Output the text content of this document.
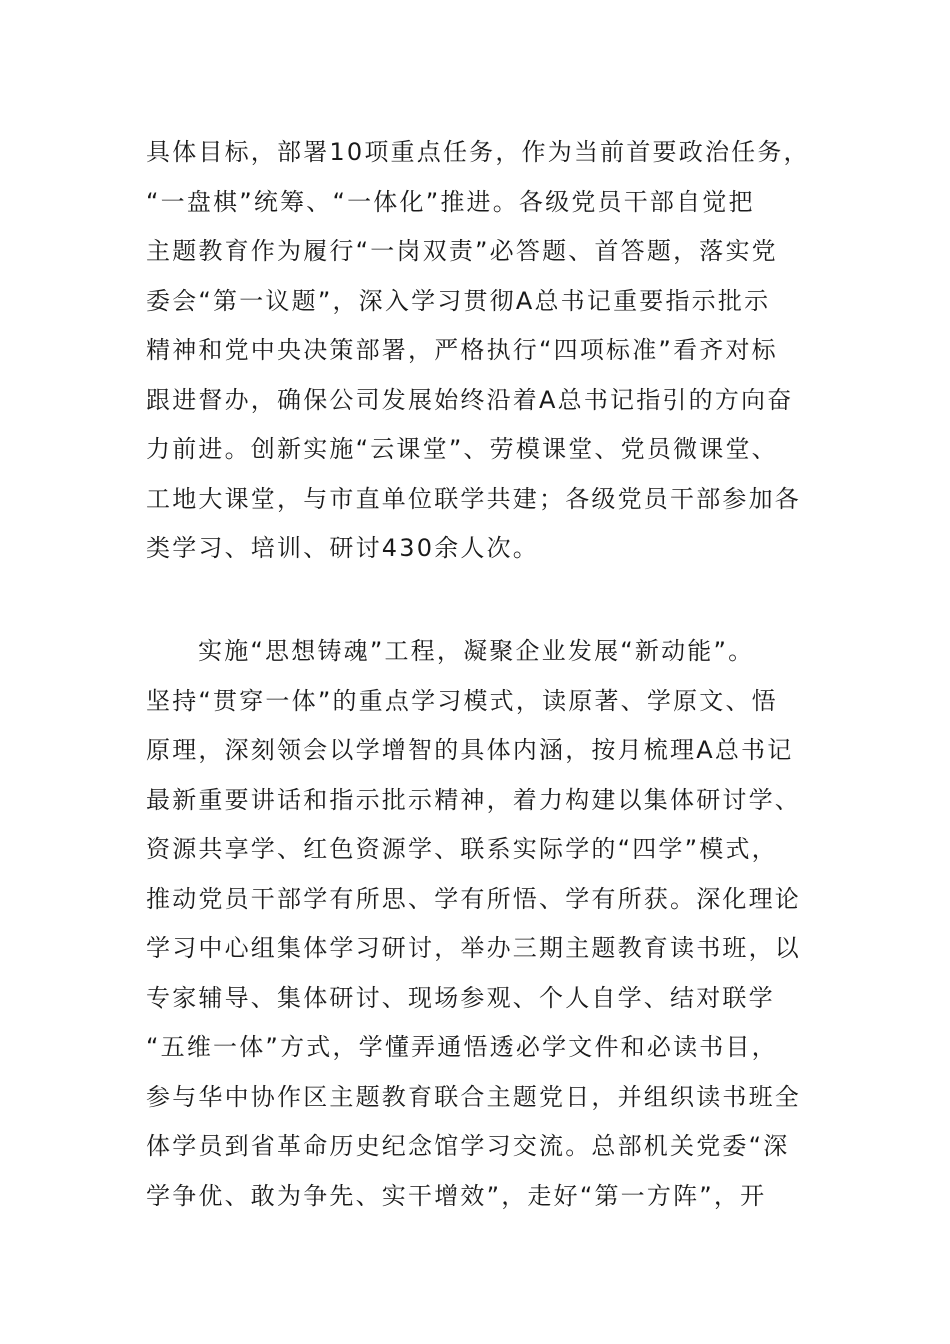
具体目标，部署10项重点任务，作为当前首要政治任务，
“一盘棋”统筹、“一体化”推进。各级党员干部自觉把
主题教育作为履行“一岗双责”必答题、首答题，落实党
委会“第一议题”，深入学习贯彻A总书记重要指示批示
精神和党中央决策部署，严格执行“四项标准”看齐对标
跟进督办，确保公司发展始终沿着A总书记指引的方向奋
力前进。创新实施“云课堂”、劳模课堂、党员微课堂、
工地大课堂，与市直单位联学共建；各级党员干部参加各
类学习、培训、研讨430余人次。
实施“思想铸魂”工程，凝聚企业发展“新动能”。
坚持“贯穿一体”的重点学习模式，读原著、学原文、悟
原理，深刻领会以学增智的具体内涵，按月梳理A总书记
最新重要讲话和指示批示精神，着力构建以集体研讨学、
资源共享学、红色资源学、联系实际学的“四学”模式，
推动党员干部学有所思、学有所悟、学有所获。深化理论
学习中心组集体学习研讨，举办三期主题教育读书班，以
专家辅导、集体研讨、现场参观、个人自学、结对联学
“五维一体”方式，学懂弄通悟透必学文件和必读书目，
参与华中协作区主题教育联合主题党日，并组织读书班全
体学员到省革命历史纪念馆学习交流。总部机关党委“深
学争优、敢为争先、实干增效”，走好“第一方阵”，开
